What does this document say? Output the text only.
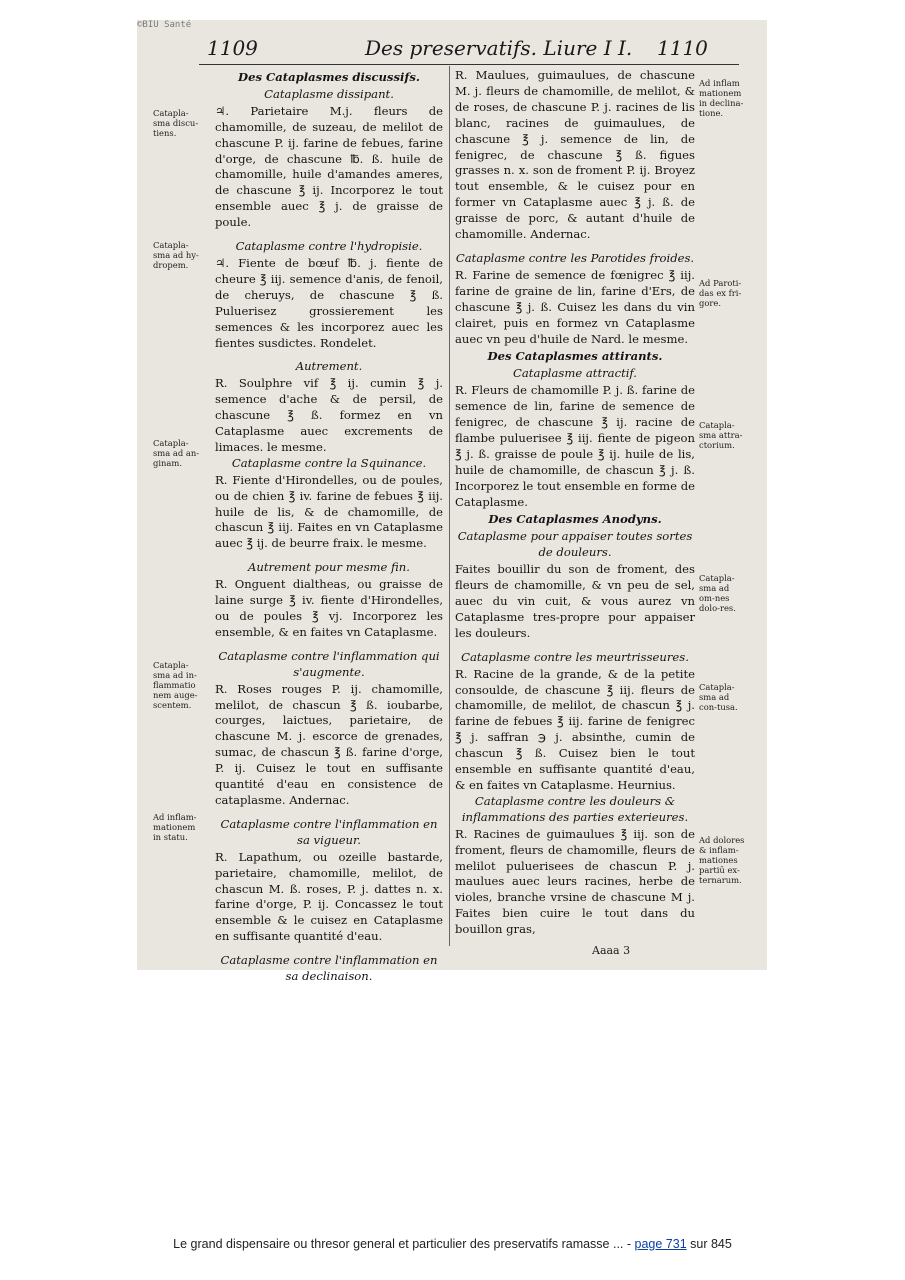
©BIU Santé
1109	Des preservatifs. Liure I I. 1110
Des Cataplasmes discussifs.
Cataplasme dissipant.

♃. Parietaire M.j. fleurs de chamomille, de suzeau, de melilot de chascune P. ij. farine de febues, farine d'orge, de chascune ℔. ß. huile de chamomille, huile d'amandes ameres, de chascune ℥ ij. Incorporez le tout ensemble auec ℥ j. de graisse de poule.

Cataplasme contre l'hydropisie.

♃. Fiente de bœuf ℔. j. fiente de cheure ℥ iij. semence d'anis, de fenoil, de cheruys, de chascune ℥ ß. Puluerisez grossierement les semences & les incorporez auec les fientes susdictes. Rondelet.

Autrement.

R. Soulphre vif ℥ ij. cumin ℥ j. semence d'ache & de persil, de chascune ℥ ß. formez en vn Cataplasme auec excrements de limaces. le mesme.

Cataplasme contre la Squinance.

R. Fiente d'Hirondelles, ou de poules, ou de chien ℥ iv. farine de febues ℥ iij. huile de lis, & de chamomille, de chascun ℥ iij. Faites en vn Cataplasme auec ℥ ij. de beurre fraix. le mesme.

Autrement pour mesme fin.

R. Onguent dialtheas, ou graisse de laine surge ℥ iv. fiente d'Hirondelles, ou de poules ℥ vj. Incorporez les ensemble, & en faites vn Cataplasme.

Cataplasme contre l'inflammation qui s'augmente.

R. Roses rouges P. ij. chamomille, melilot, de chascun ℥ ß. ioubarbe, courges, laictues, parietaire, de chascune M. j. escorce de grenades, sumac, de chascun ℥ ß. farine d'orge, P. ij. Cuisez le tout en suffisante quantité d'eau en consistence de cataplasme. Andernac.

Cataplasme contre l'inflammation en sa vigueur.

R. Lapathum, ou ozeille bastarde, parietaire, chamomille, melilot, de chascun M. ß. roses, P. j. dattes n. x. farine d'orge, P. ij. Concassez le tout ensemble & le cuisez en Cataplasme en suffisante quantité d'eau.

Cataplasme contre l'inflammation en sa declinaison.

R. Maulues, guimaulues, de chascune M. j. fleurs de chamomille, de melilot, & de roses, de chascune P. j. racines de lis blanc, racines de guimaulues, de chascune ℥ j. semence de lin, de fenigrec, de chascune ℥ ß. figues grasses n. x. son de froment P. ij. Broyez tout ensemble, & le cuisez pour en former vn Cataplasme auec ℥ j. ß. de graisse de porc, & autant d'huile de chamomille. Andernac.

Cataplasme contre les Parotides froides.

R. Farine de semence de fœnigrec ℥ iij. farine de graine de lin, farine d'Ers, de chascune ℥ j. ß. Cuisez les dans du vin clairet, puis en formez vn Cataplasme auec vn peu d'huile de Nard. le mesme.

Des Cataplasmes attirants.
Cataplasme attractif.

R. Fleurs de chamomille P. j. ß. farine de semence de lin, farine de semence de fenigrec, de chascune ℥ ij. racine de flambe puluerisee ℥ iij. fiente de pigeon ℥ j. ß. graisse de poule ℥ ij. huile de lis, huile de chamomille, de chascun ℥ j. ß. Incorporez le tout ensemble en forme de Cataplasme.

Des Cataplasmes Anodyns.
Cataplasme pour appaiser toutes sortes de douleurs.

Faites bouillir du son de froment, des fleurs de chamomille, & vn peu de sel, auec du vin cuit, & vous aurez vn Cataplasme tres-propre pour appaiser les douleurs.

Cataplasme contre les meurtrisseures.

R. Racine de la grande, & de la petite consoulde, de chascune ℥ iij. fleurs de chamomille, de melilot, de chascun ℥ j. farine de febues ℥ iij. farine de fenigrec ℥ j. saffran ℈ j. absinthe, cumin de chascun ℥ ß. Cuisez bien le tout ensemble en suffisante quantité d'eau, & en faites vn Cataplasme. Heurnius.

Cataplasme contre les douleurs & inflammations des parties exterieures.

R. Racines de guimaulues ℥ iij. son de froment, fleurs de chamomille, fleurs de melilot puluerisees de chascun P. j. maulues auec leurs racines, herbe de violes, branche vrsine de chascune M j. Faites bien cuire le tout dans du bouillon gras,

Catapla-sma discu-tiens.
Catapla-sma ad hy-dropem.
Catapla-sma ad an-ginam.
Catapla-sma ad in-flammatio nem auge-scentem.
Ad inflam-mationem in statu.
Ad inflam mationem in declina-tione.
Ad Paroti-das ex fri-gore.
Catapla-sma attra-ctorium.
Catapla-sma ad om-nes dolo-res.
Catapla-sma ad con-tusa.
Ad dolores & inflam-mationes partiū ex-ternarum.
Aaaa 3
Le grand dispensaire ou thresor general et particulier des preservatifs ramasse ... - page 731 sur 845
